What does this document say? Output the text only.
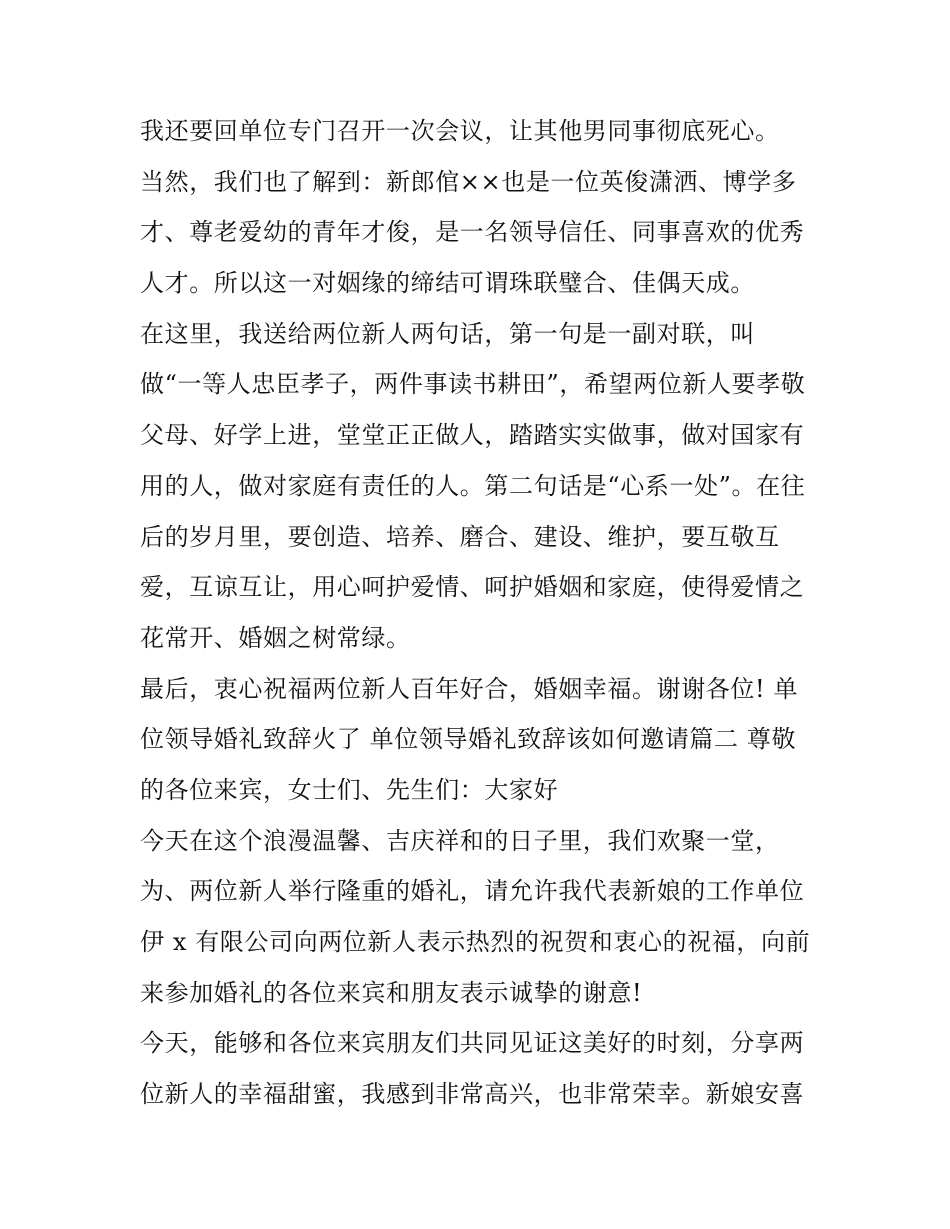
我还要回单位专门召开一次会议，让其他男同事彻底死心。
当然，我们也了解到：新郎倌××也是一位英俊潇洒、博学多
才、尊老爱幼的青年才俊，是一名领导信任、同事喜欢的优秀
人才。所以这一对姻缘的缔结可谓珠联璧合、佳偶天成。
在这里，我送给两位新人两句话，第一句是一副对联，叫
做“一等人忠臣孝子，两件事读书耕田”，希望两位新人要孝敬
父母、好学上进，堂堂正正做人，踏踏实实做事，做对国家有
用的人，做对家庭有责任的人。第二句话是“心系一处”。在往
后的岁月里，要创造、培养、磨合、建设、维护，要互敬互
爱，互谅互让，用心呵护爱情、呵护婚姻和家庭，使得爱情之
花常开、婚姻之树常绿。
最后，衷心祝福两位新人百年好合，婚姻幸福。谢谢各位! 单
位领导婚礼致辞火了 单位领导婚礼致辞该如何邀请篇二 尊敬
的各位来宾，女士们、先生们：大家好
今天在这个浪漫温馨、吉庆祥和的日子里，我们欢聚一堂，
为、两位新人举行隆重的婚礼，请允许我代表新娘的工作单位
伊 x 有限公司向两位新人表示热烈的祝贺和衷心的祝福，向前
来参加婚礼的各位来宾和朋友表示诚挚的谢意!
今天，能够和各位来宾朋友们共同见证这美好的时刻，分享两
位新人的幸福甜蜜，我感到非常高兴，也非常荣幸。新娘安喜
